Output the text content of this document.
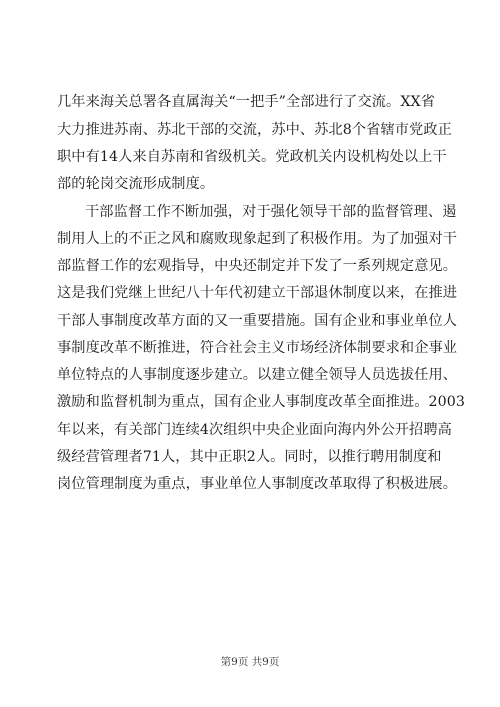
几年来海关总署各直属海关“一把手”全部进行了交流。XX省
大力推进苏南、苏北干部的交流，苏中、苏北8个省辖市党政正
职中有14人来自苏南和省级机关。党政机关内设机构处以上干
部的轮岗交流形成制度。
干部监督工作不断加强，对于强化领导干部的监督管理、遏
制用人上的不正之风和腐败现象起到了积极作用。为了加强对干
部监督工作的宏观指导，中央还制定并下发了一系列规定意见。
这是我们党继上世纪八十年代初建立干部退休制度以来，在推进
干部人事制度改革方面的又一重要措施。国有企业和事业单位人
事制度改革不断推进，符合社会主义市场经济体制要求和企事业
单位特点的人事制度逐步建立。以建立健全领导人员选拔任用、
激励和监督机制为重点，国有企业人事制度改革全面推进。2003
年以来，有关部门连续4次组织中央企业面向海内外公开招聘高
级经营管理者71人，其中正职2人。同时，以推行聘用制度和
岗位管理制度为重点，事业单位人事制度改革取得了积极进展。
第9页 共9页
